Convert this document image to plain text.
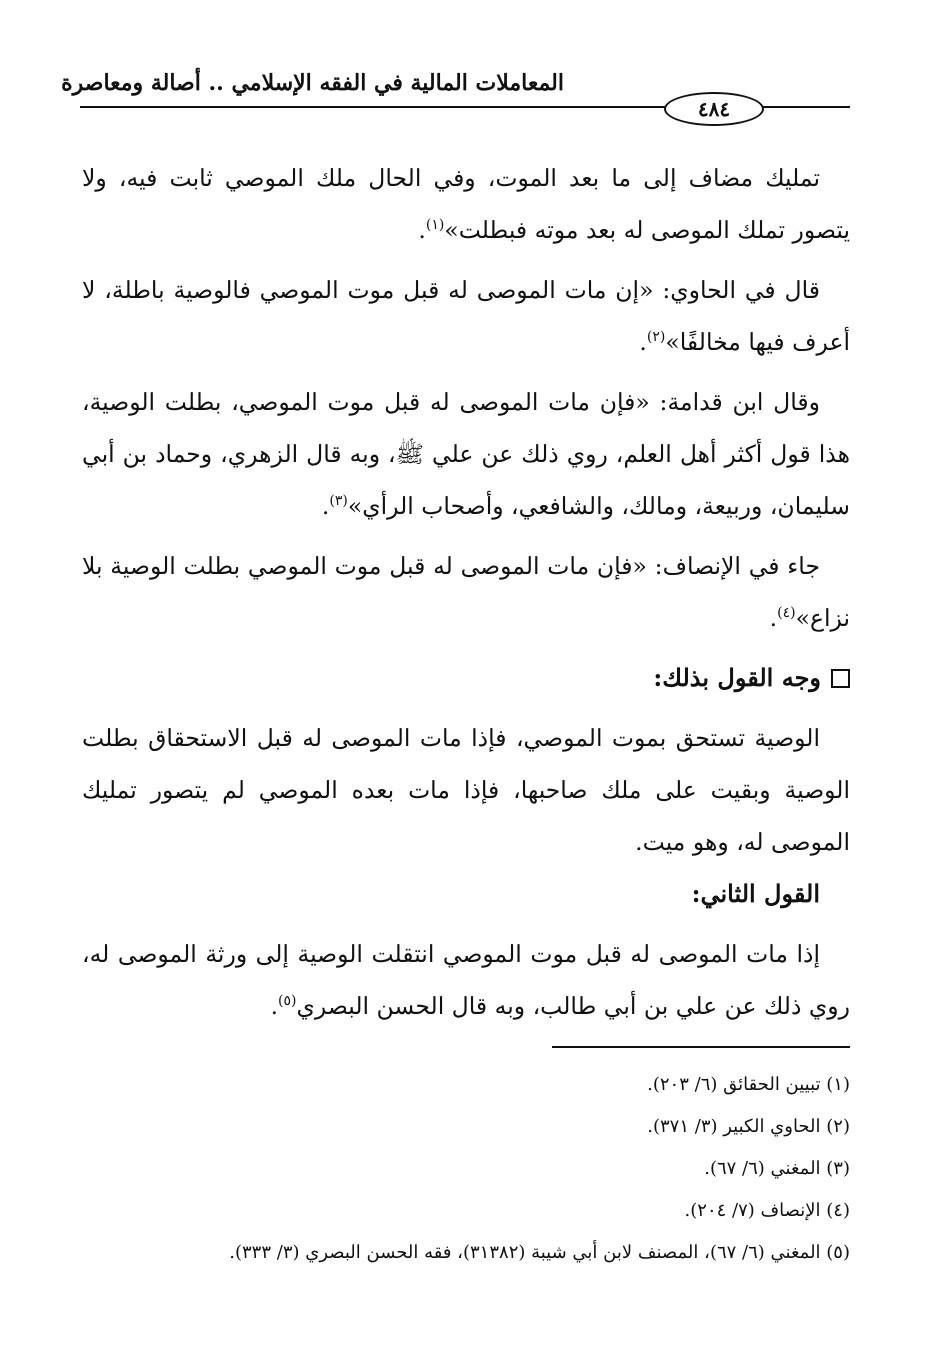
المعاملات المالية في الفقه الإسلامي .. أصالة ومعاصرة
٤٨٤

تمليك مضاف إلى ما بعد الموت، وفي الحال ملك الموصي ثابت فيه، ولا يتصور تملك الموصى له بعد موته فبطلت»$^{(١)}$.

قال في الحاوي: «إن مات الموصى له قبل موت الموصي فالوصية باطلة، لا أعرف فيها مخالفًا»$^{(٢)}$.

وقال ابن قدامة: «فإن مات الموصى له قبل موت الموصي، بطلت الوصية، هذا قول أكثر أهل العلم، روي ذلك عن علي ﷺ، وبه قال الزهري، وحماد بن أبي سليمان، وربيعة، ومالك، والشافعي، وأصحاب الرأي»$^{(٣)}$.

جاء في الإنصاف: «فإن مات الموصى له قبل موت الموصي بطلت الوصية بلا نزاع»$^{(٤)}$.

وجه القول بذلك:

الوصية تستحق بموت الموصي، فإذا مات الموصى له قبل الاستحقاق بطلت الوصية وبقيت على ملك صاحبها، فإذا مات بعده الموصي لم يتصور تمليك الموصى له، وهو ميت.

القول الثاني:

إذا مات الموصى له قبل موت الموصي انتقلت الوصية إلى ورثة الموصى له، روي ذلك عن علي بن أبي طالب، وبه قال الحسن البصري$^{(٥)}$.

(١) تبيين الحقائق (٦/ ٢٠٣).
(٢) الحاوي الكبير (٣/ ٣٧١).
(٣) المغني (٦/ ٦٧).
(٤) الإنصاف (٧/ ٢٠٤).
(٥) المغني (٦/ ٦٧)، المصنف لابن أبي شيبة (٣١٣٨٢)، فقه الحسن البصري (٣/ ٣٣٣).
